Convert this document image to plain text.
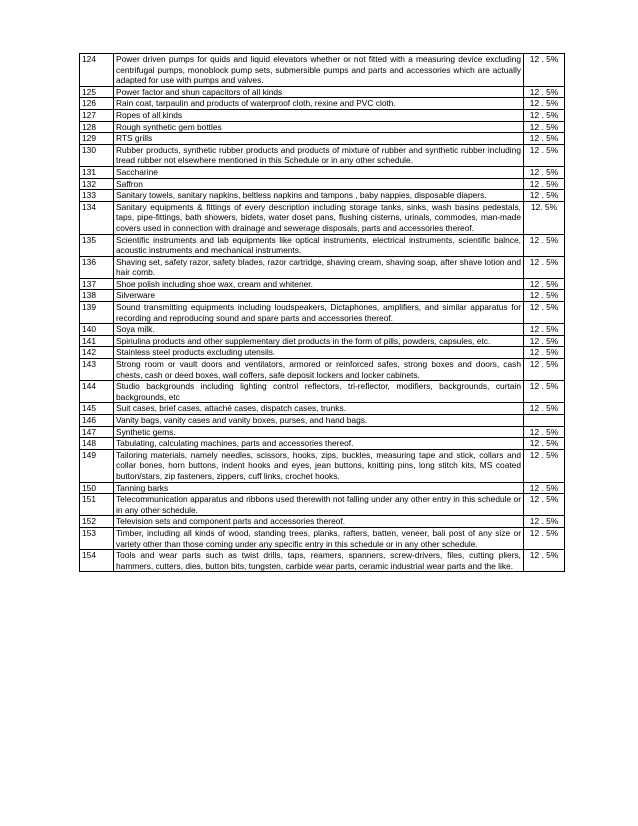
124	Power driven pumps for quids and liquid elevators whether or not fitted with a measuring device excluding centrifugal pumps, monoblock pump sets, submersible pumps and parts and accessories which are actually adapted for use with pumps and valves.	12 . 5%
125	Power factor and shun capacitors of all kinds	12 . 5%
126	Rain coat, tarpaulin and products of waterproof cloth, rexine and PVC cloth.	12 . 5%
127	Ropes of all kinds	12 . 5%
128	Rough synthetic gem bottles	12 . 5%
129	RTS grills	12 . 5%
130	Rubber products, synthetic rubber products and products of mixture of rubber and synthetic rubber including tread rubber not elsewhere mentioned in this Schedule or in any other schedule.	12 . 5%
131	Saccharine	12 . 5%
132	Saffron	12 . 5%
133	Sanitary towels, sanitary napkins, beltless napkins and tampons , baby nappies, disposable diapers.	12 . 5%
134	Sanitary equipments & fittings of every description including storage tanks, sinks, wash basins pedestals, taps, pipe-fittings, bath showers, bidets, water doset pans, flushing cisterns, urinals, commodes, man-made covers used in connection with drainage and sewerage disposals, parts and accessories thereof.	12. 5%
135	Scientific instruments and lab equipments like optical instruments, electrical instruments, scientific balnce, acoustic instruments and mechanical instruments.	12 . 5%
136	Shaving set, safety razor, safety blades, razor cartridge, shaving cream, shaving soap, after shave lotion and hair comb.	12 . 5%
137	Shoe polish including shoe wax, cream and whitener.	12 . 5%
138	Silverware	12 . 5%
139	Sound transmitting equipments including loudspeakers, Dictaphones, amplifiers, and similar apparatus for recording and reproducing sound and spare parts and accessories thereof.	12 . 5%
140	Soya milk.	12 . 5%
141	Spiriulina products and other supplementary diet products in the form of pills, powders, capsules, etc.	12 . 5%
142	Stainless steel products excluding utensils.	12 . 5%
143	Strong room or vault doors and ventilators, armored or reinforced safes, strong boxes and doors, cash chests, cash or deed boxes, wall coffers, safe deposit lockers and locker cabinets.	12 . 5%
144	Studio backgrounds including lighting control reflectors, tri-reflector, modifiers, backgrounds, curtain backgrounds, etc	12 . 5%
145	Suit cases, brief cases, attaché cases, dispatch cases, trunks.	12 . 5%
146	Vanity bags, vanity cases and vanity boxes, purses, and hand bags.	
147	Synthetic gems.	12 . 5%
148	Tabulating, calculating machines, parts and accessories thereof.	12 . 5%
149	Tailoring materials, namely needles, scissors, hooks, zips, buckles, measuring tape and stick, collars and collar bones, horn buttons, indent hooks and eyes, jean buttons, knitting pins, long stitch kits, MS coated button/stars, zip fasteners, zippers, cuff links, crochet hooks.	12 . 5%
150	Tanning barks	12 . 5%
151	Telecommunication apparatus and ribbons used therewith not falling under any other entry in this schedule or in any other schedule.	12 . 5%
152	Television sets and component parts and accessories thereof.	12 . 5%
153	Timber, including all kinds of wood, standing trees, planks, rafters, batten, veneer, bali post of any size or variety other than those coming under any specific entry in this schedule or in any other schedule.	12 . 5%
154	Tools and wear parts such as twist drills, taps, reamers, spanners, screw-drivers, files, cutting pliers, hammers, cutters, dies, button bits, tungsten, carbide wear parts, ceramic industrial wear parts and the like.	12 . 5%
